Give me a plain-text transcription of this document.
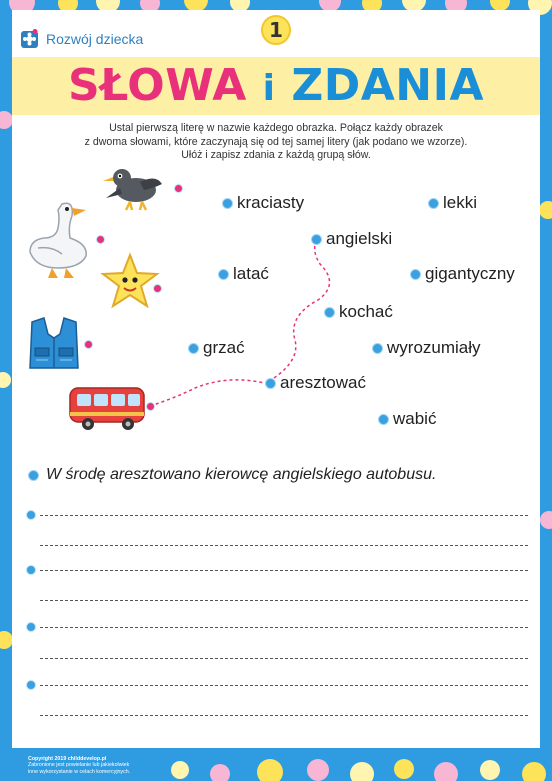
Rozwój dziecka	1
SŁOWA i ZDANIA
Ustal pierwszą literę w nazwie każdego obrazka. Połącz każdy obrazek
z dwoma słowami, które zaczynają się od tej samej litery (jak podano we wzorze).
Ułóż i zapisz zdania z każdą grupą słów.
kraciasty	lekki
angielski
latać	gigantyczny
kochać
grzać	wyrozumiały
aresztować
wabić
W środę aresztowano kierowcę angielskiego autobusu.
Copyright 2019 childdevelop.pl
Zabronione jest powielanie lub jakiekolwiek
inne wykorzystanie w celach komercyjnych.
